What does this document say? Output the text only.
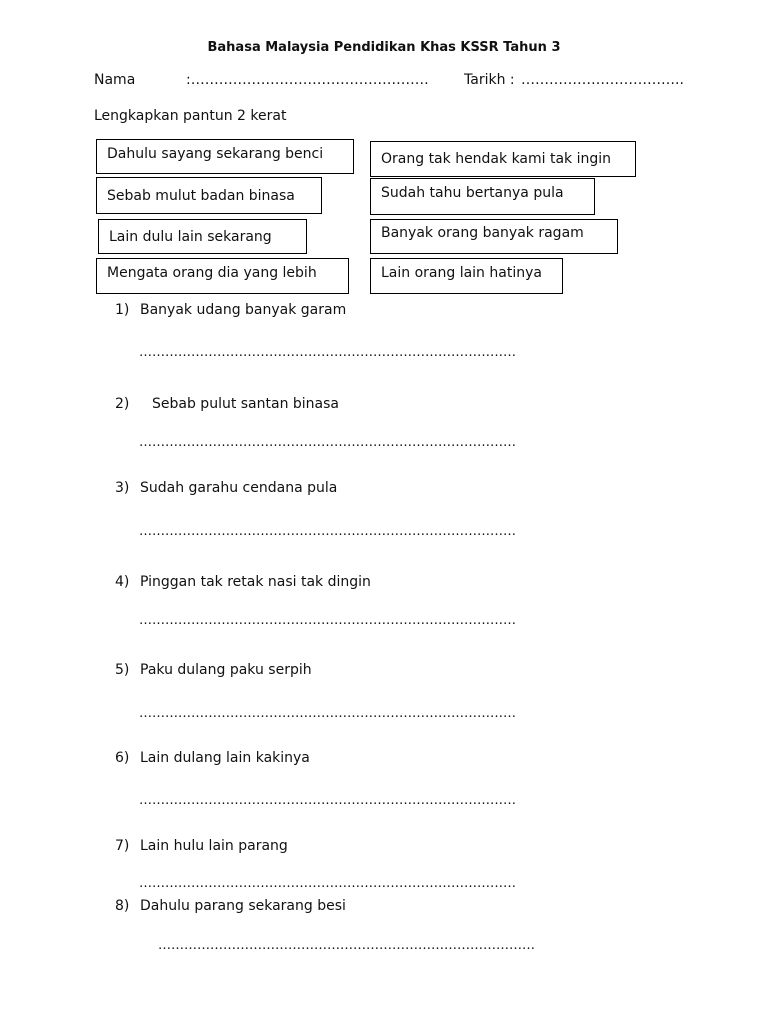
Bahasa Malaysia Pendidikan Khas KSSR Tahun 3
Nama	:……………………………………………	Tarikh : ……………………………..
Lengkapkan pantun 2 kerat
Dahulu sayang sekarang benci
Sebab mulut badan binasa
Lain dulu lain sekarang
Mengata orang dia yang lebih
Orang tak hendak kami tak ingin
Sudah tahu bertanya pula
Banyak orang banyak ragam
Lain orang lain hatinya
1) Banyak udang banyak garam
……………………………………………………………………………
2) Sebab pulut santan binasa
……………………………………………………………………………
3) Sudah garahu cendana pula
……………………………………………………………………………
4) Pinggan tak retak nasi tak dingin
……………………………………………………………………………
5) Paku dulang paku serpih
……………………………………………………………………………
6) Lain dulang lain kakinya
……………………………………………………………………………
7) Lain hulu lain parang
……………………………………………………………………………
8) Dahulu parang sekarang besi
……………………………………………………………………………
